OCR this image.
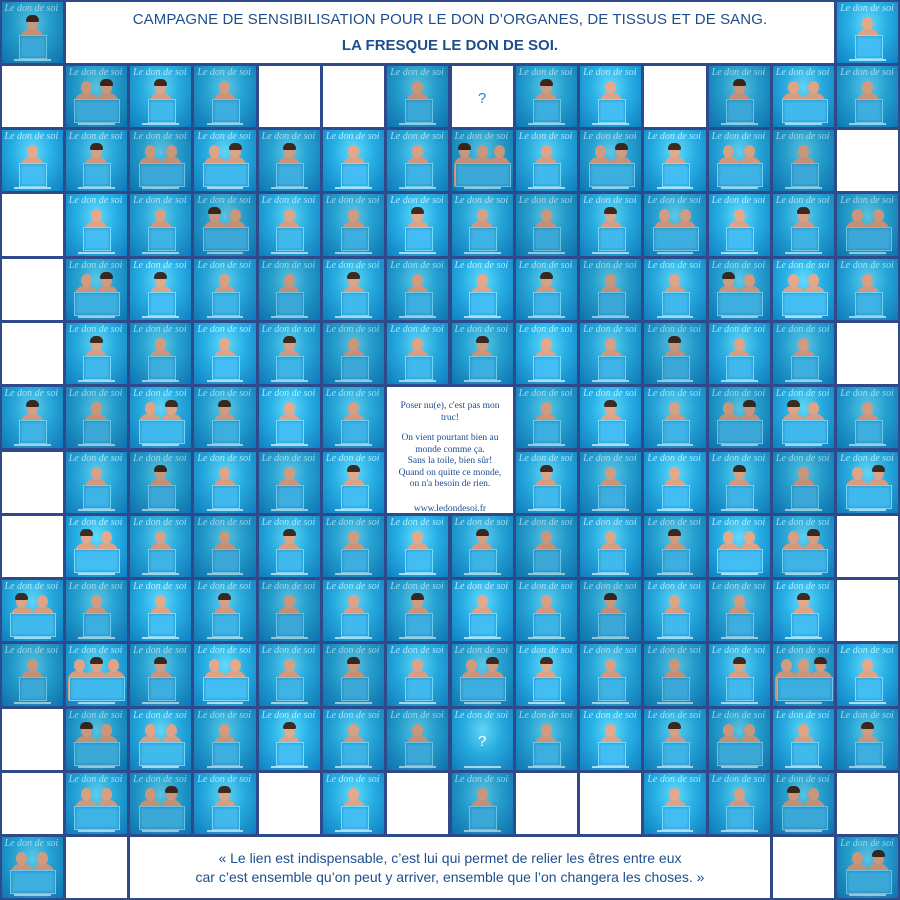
CAMPAGNE DE SENSIBILISATION POUR LE DON D’ORGANES, DE TISSUS ET DE SANG.
LA FRESQUE LE DON DE SOI.
Poser nu(e), c'est pas mon truc!
On vient pourtant bien au
monde comme ça.
Sans la toile, bien sûr!
Quand on quitte ce monde,
on n'a besoin de rien.
www.ledondesoi.fr
« Le lien est indispensable, c’est lui qui permet de relier les êtres entre eux
car c’est ensemble qu’on peut y arriver, ensemble que l’on changera les choses. »
Le don de soi	Le don de soi
Le don de soi Le don de soi Le don de soi	Le don de soi
?
Le don de soi Le don de soi	Le don de soi Le don de soi Le don de soi
Le don de soi Le don de soi Le don de soi Le don de soi Le don de soi Le don de soi Le don de soi Le don de soi Le don de soi Le don de soi Le don de soi Le don de soi Le don de soi
Le don de soi Le don de soi Le don de soi Le don de soi Le don de soi Le don de soi Le don de soi Le don de soi Le don de soi Le don de soi Le don de soi Le don de soi Le don de soi
Le don de soi Le don de soi Le don de soi Le don de soi Le don de soi Le don de soi Le don de soi Le don de soi Le don de soi Le don de soi Le don de soi Le don de soi Le don de soi
Le don de soi Le don de soi Le don de soi Le don de soi Le don de soi Le don de soi Le don de soi Le don de soi Le don de soi Le don de soi Le don de soi Le don de soi
Le don de soi Le don de soi Le don de soi Le don de soi Le don de soi Le don de soi	Le don de soi Le don de soi Le don de soi Le don de soi Le don de soi Le don de soi
Le don de soi Le don de soi Le don de soi Le don de soi Le don de soi	Le don de soi Le don de soi Le don de soi Le don de soi Le don de soi Le don de soi
Le don de soi Le don de soi Le don de soi Le don de soi Le don de soi Le don de soi Le don de soi Le don de soi Le don de soi Le don de soi Le don de soi Le don de soi
Le don de soi Le don de soi Le don de soi Le don de soi Le don de soi Le don de soi Le don de soi Le don de soi Le don de soi Le don de soi Le don de soi Le don de soi Le don de soi
Le don de soi Le don de soi Le don de soi Le don de soi Le don de soi Le don de soi Le don de soi Le don de soi Le don de soi Le don de soi Le don de soi Le don de soi Le don de soi Le don de soi
Le don de soi Le don de soi Le don de soi Le don de soi Le don de soi Le don de soi Le don de soi
?
Le don de soi Le don de soi Le don de soi Le don de soi Le don de soi Le don de soi
Le don de soi Le don de soi Le don de soi	Le don de soi	Le don de soi	Le don de soi Le don de soi Le don de soi
Le don de soi	Le don de soi
